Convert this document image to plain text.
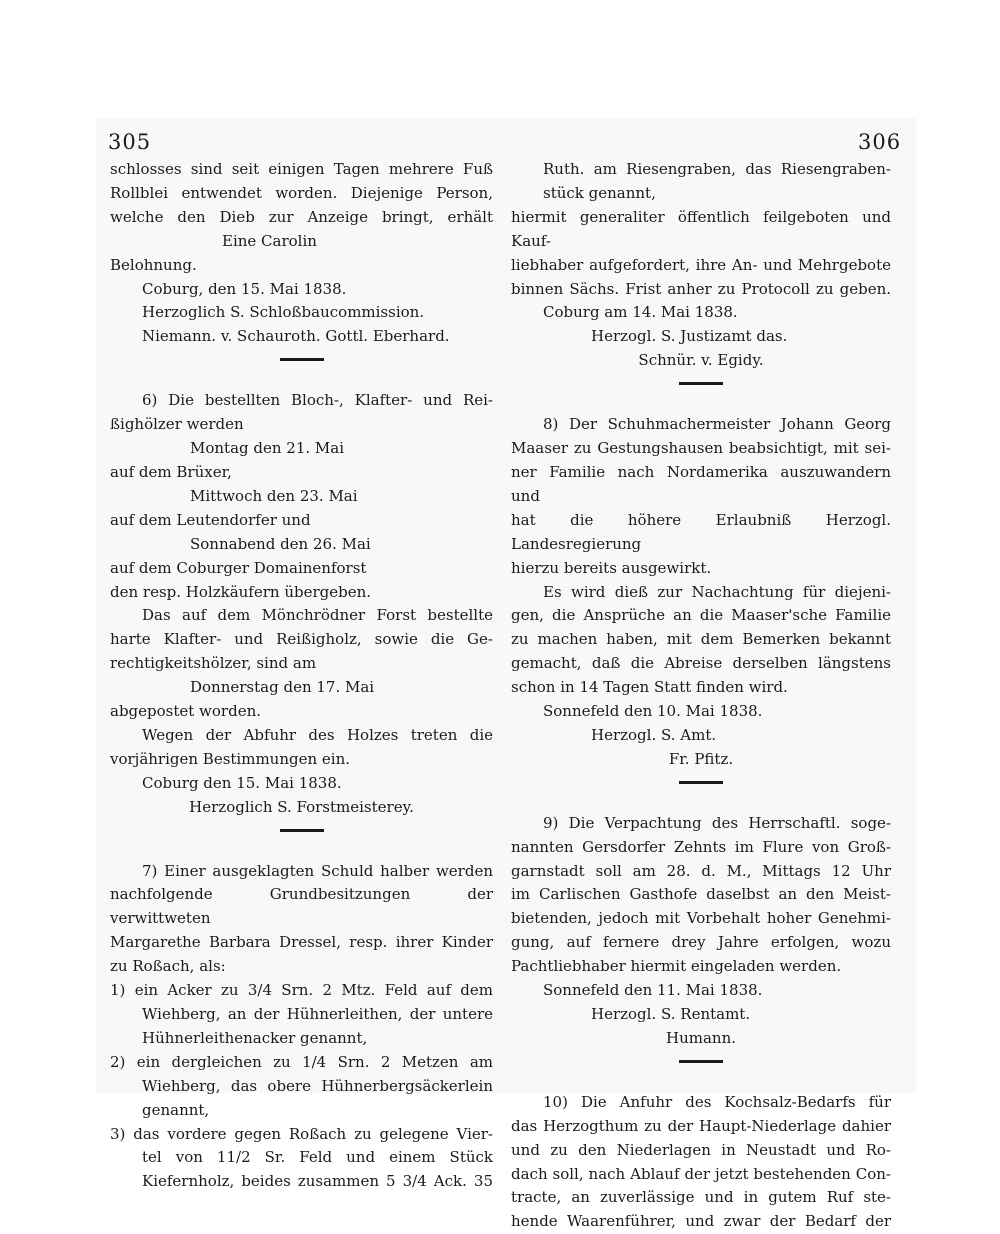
305	306

schlosses sind seit einigen Tagen mehrere Fuß

Rollblei entwendet worden. Diejenige Person,

welche den Dieb zur Anzeige bringt, erhält

Eine Carolin

Belohnung.

Coburg, den 15. Mai 1838.

Herzoglich S. Schloßbaucommission.

Niemann. v. Schauroth. Gottl. Eberhard.

6) Die bestellten Bloch-, Klafter- und Rei-

ßighölzer werden

Montag den 21. Mai

auf dem Brüxer,

Mittwoch den 23. Mai

auf dem Leutendorfer und

Sonnabend den 26. Mai

auf dem Coburger Domainenforst

den resp. Holzkäufern übergeben.

Das auf dem Mönchrödner Forst bestellte

harte Klafter- und Reißigholz, sowie die Ge-

rechtigkeitshölzer, sind am

Donnerstag den 17. Mai

abgepostet worden.

Wegen der Abfuhr des Holzes treten die

vorjährigen Bestimmungen ein.

Coburg den 15. Mai 1838.

Herzoglich S. Forstmeisterey.

7) Einer ausgeklagten Schuld halber werden

nachfolgende Grundbesitzungen der verwittweten

Margarethe Barbara Dressel, resp. ihrer Kinder

zu Roßach, als:

1) ein Acker zu 3/4 Srn. 2 Mtz. Feld auf dem

Wiehberg, an der Hühnerleithen, der untere

Hühnerleithenacker genannt,

2) ein dergleichen zu 1/4 Srn. 2 Metzen am

Wiehberg, das obere Hühnerbergsäckerlein

genannt,

3) das vordere gegen Roßach zu gelegene Vier-

tel von 11/2 Sr. Feld und einem Stück

Kiefernholz, beides zusammen 5 3/4 Ack. 35

Ruth. am Riesengraben, das Riesengraben-

stück genannt,

hiermit generaliter öffentlich feilgeboten und Kauf-

liebhaber aufgefordert, ihre An- und Mehrgebote

binnen Sächs. Frist anher zu Protocoll zu geben.

Coburg am 14. Mai 1838.

Herzogl. S. Justizamt das.

Schnür. v. Egidy.

8) Der Schuhmachermeister Johann Georg

Maaser zu Gestungshausen beabsichtigt, mit sei-

ner Familie nach Nordamerika auszuwandern und

hat die höhere Erlaubniß Herzogl. Landesregierung

hierzu bereits ausgewirkt.

Es wird dieß zur Nachachtung für diejeni-

gen, die Ansprüche an die Maaser'sche Familie

zu machen haben, mit dem Bemerken bekannt

gemacht, daß die Abreise derselben längstens

schon in 14 Tagen Statt finden wird.

Sonnefeld den 10. Mai 1838.

Herzogl. S. Amt.

Fr. Pfitz.

9) Die Verpachtung des Herrschaftl. soge-

nannten Gersdorfer Zehnts im Flure von Groß-

garnstadt soll am 28. d. M., Mittags 12 Uhr

im Carlischen Gasthofe daselbst an den Meist-

bietenden, jedoch mit Vorbehalt hoher Genehmi-

gung, auf fernere drey Jahre erfolgen, wozu

Pachtliebhaber hiermit eingeladen werden.

Sonnefeld den 11. Mai 1838.

Herzogl. S. Rentamt.

Humann.

10) Die Anfuhr des Kochsalz-Bedarfs für

das Herzogthum zu der Haupt-Niederlage dahier

und zu den Niederlagen in Neustadt und Ro-

dach soll, nach Ablauf der jetzt bestehenden Con-

tracte, an zuverlässige und in gutem Ruf ste-

hende Waarenführer, und zwar der Bedarf der
